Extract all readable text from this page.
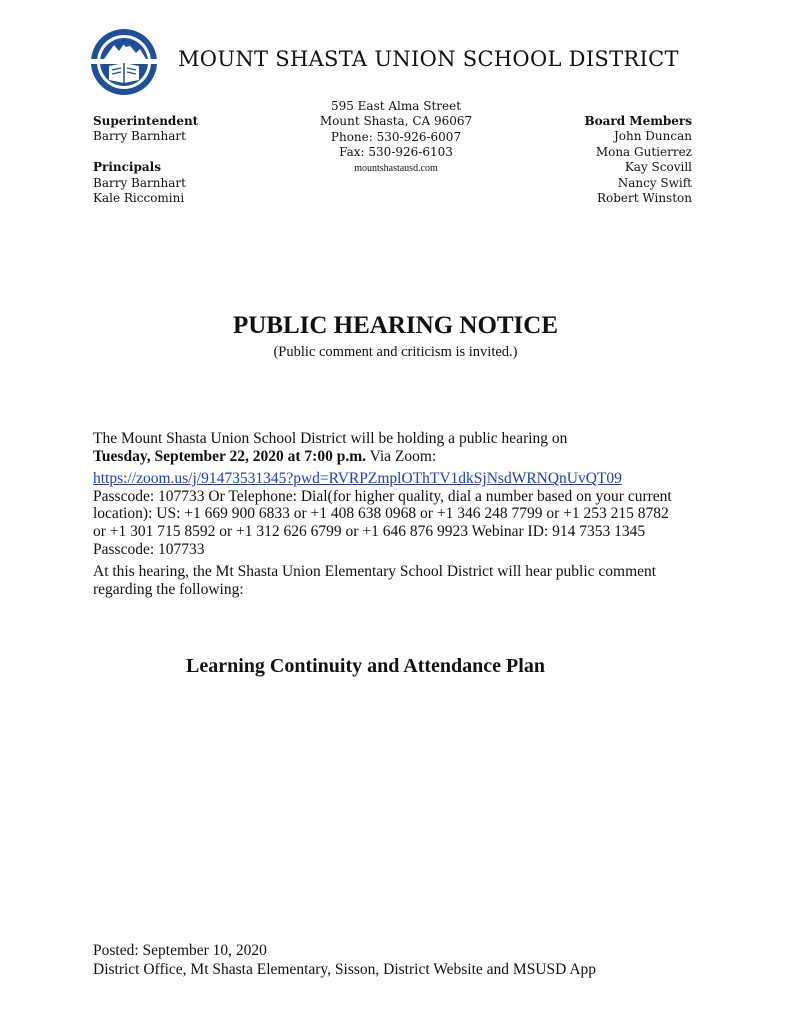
MOUNT SHASTA UNION SCHOOL DISTRICT
Superintendent
Barry Barnhart
Principals
Barry Barnhart
Kale Riccomini
595 East Alma Street
Mount Shasta, CA 96067
Phone: 530-926-6007
Fax: 530-926-6103
mountshastausd.com
Board Members
John Duncan
Mona Gutierrez
Kay Scovill
Nancy Swift
Robert Winston
PUBLIC HEARING NOTICE
(Public comment and criticism is invited.)

The Mount Shasta Union School District will be holding a public hearing on

Tuesday, September 22, 2020 at 7:00 p.m. Via Zoom:

https://zoom.us/j/91473531345?pwd=RVRPZmplOThTV1dkSjNsdWRNQnUvQT09

Passcode: 107733 Or Telephone: Dial(for higher quality, dial a number based on your current

location): US: +1 669 900 6833 or +1 408 638 0968 or +1 346 248 7799 or +1 253 215 8782

or +1 301 715 8592 or +1 312 626 6799 or +1 646 876 9923 Webinar ID: 914 7353 1345

Passcode: 107733

At this hearing, the Mt Shasta Union Elementary School District will hear public comment

regarding the following:

Learning Continuity and Attendance Plan
Posted: September 10, 2020
District Office, Mt Shasta Elementary, Sisson, District Website and MSUSD App
